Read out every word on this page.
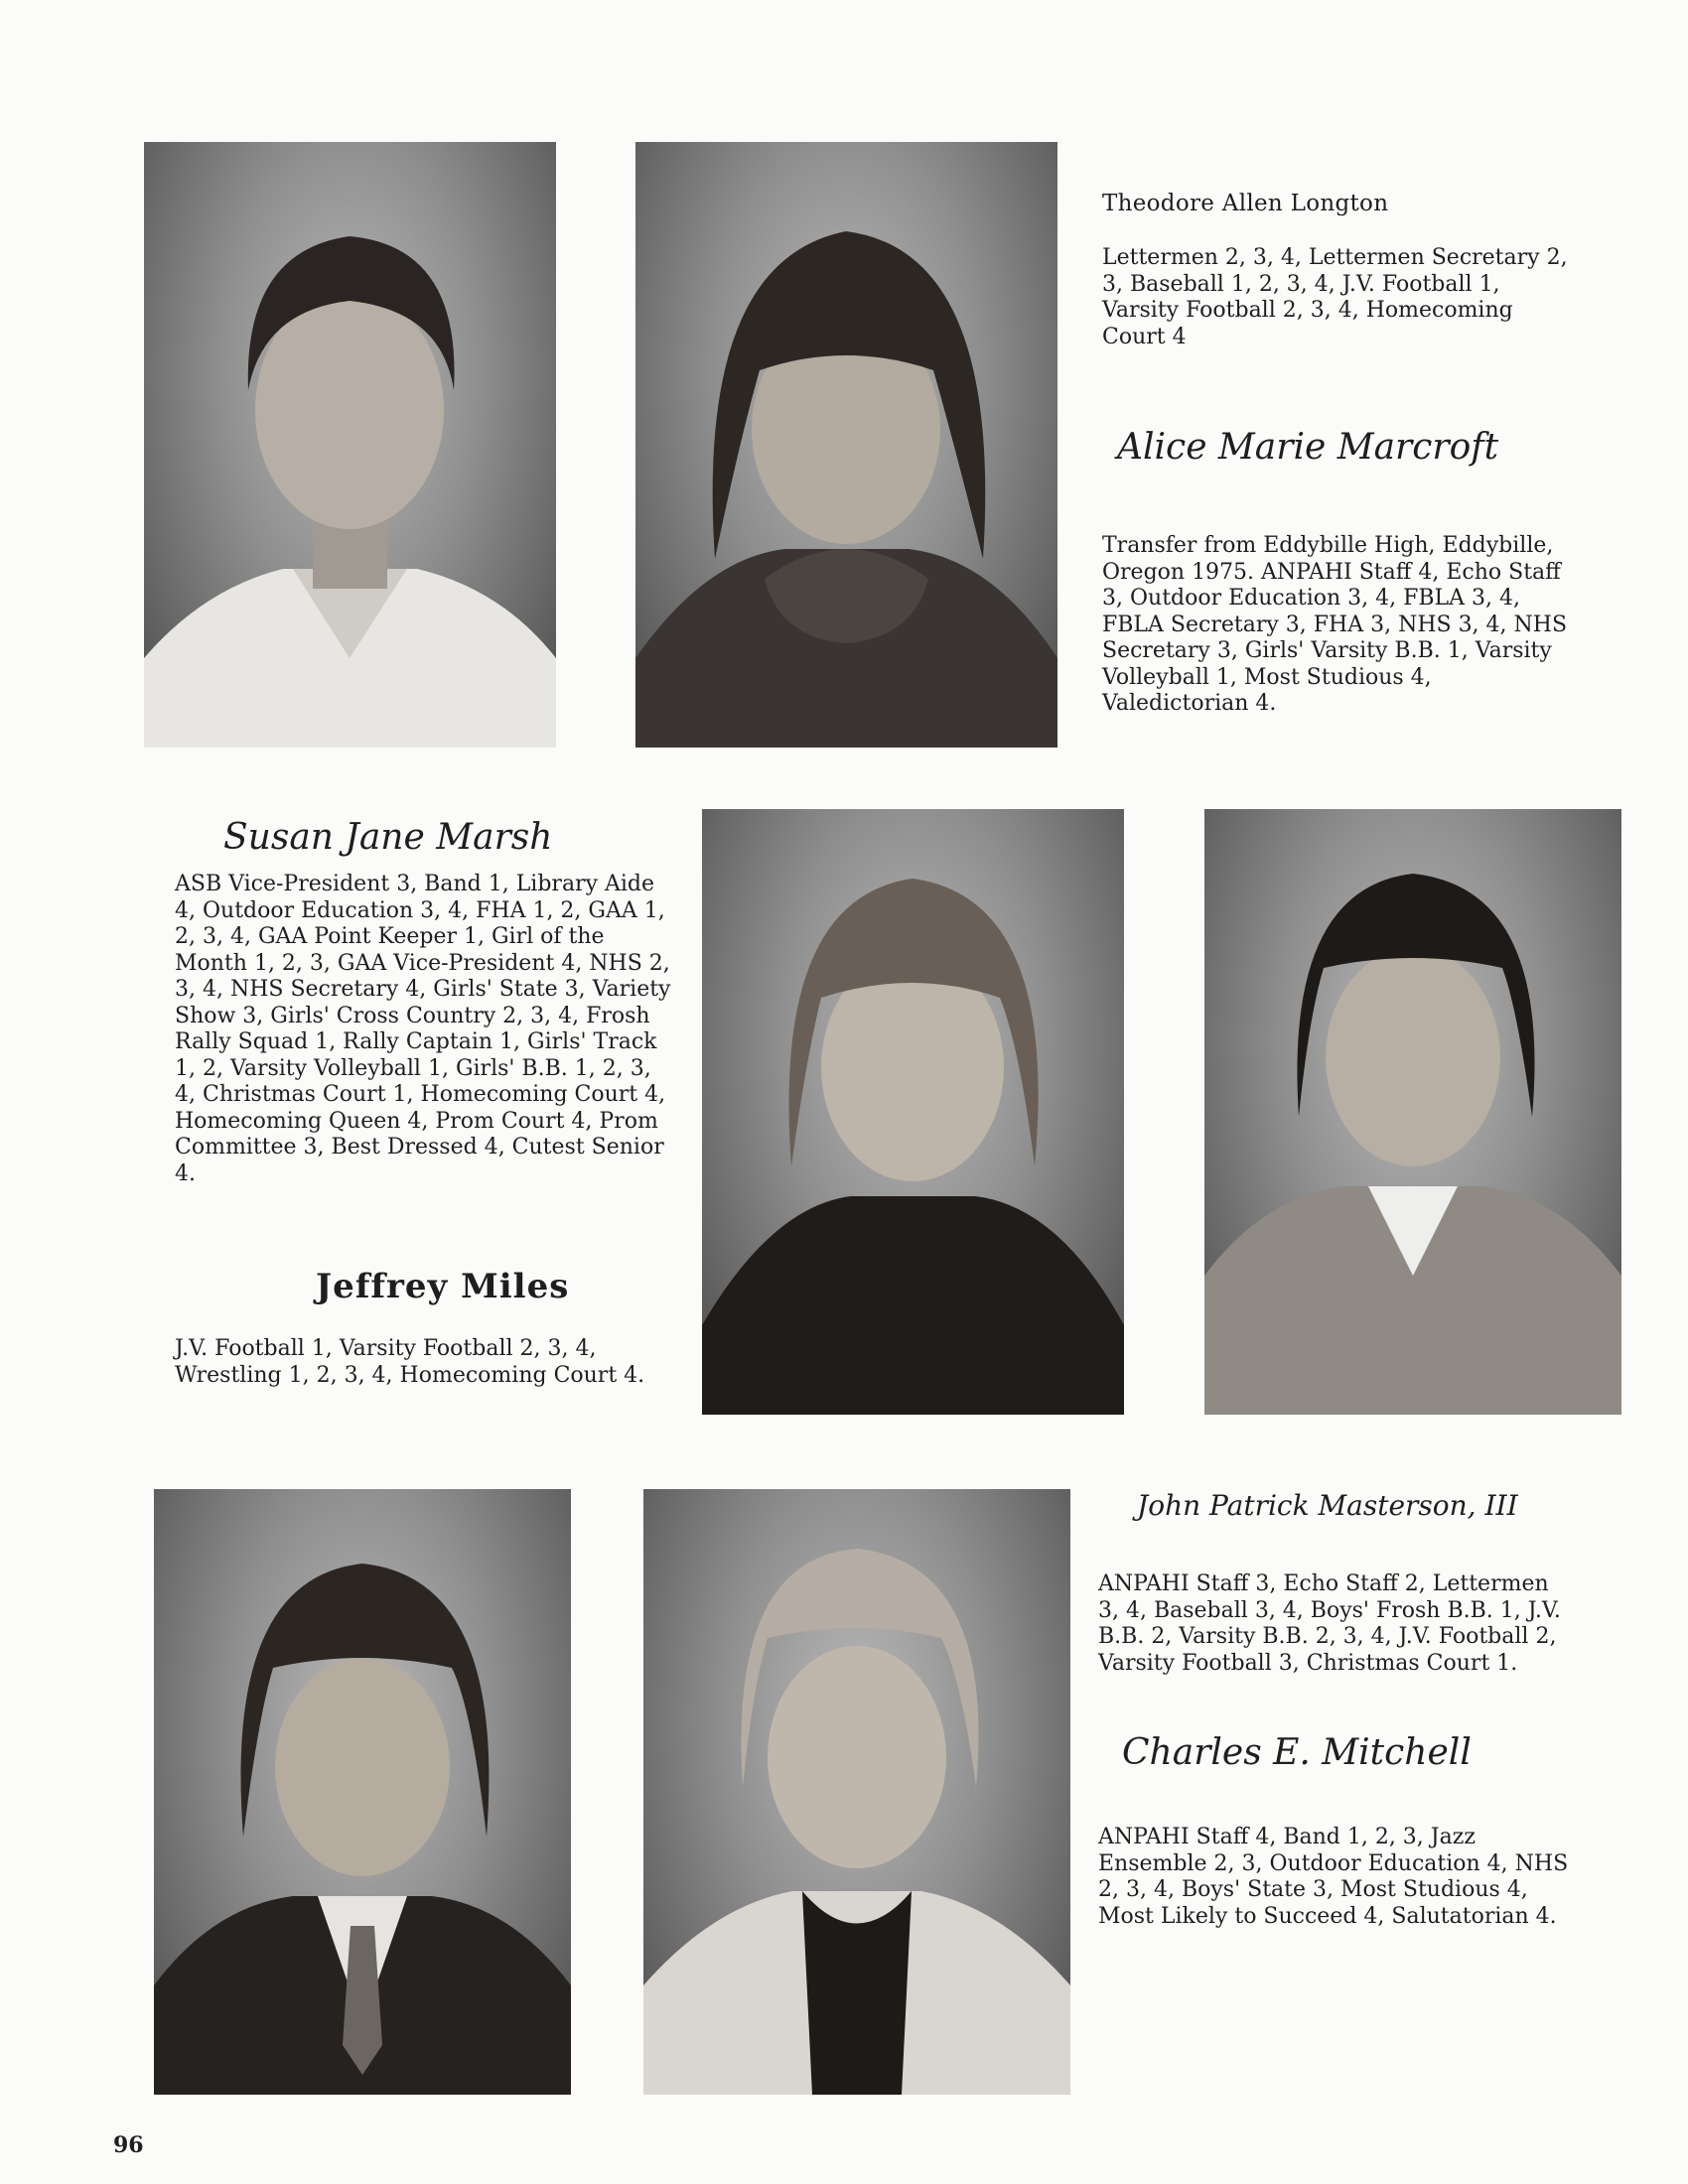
Theodore Allen Longton

Lettermen 2, 3, 4, Lettermen Secretary 2, 3, Baseball 1, 2, 3, 4, J.V. Football 1, Varsity Football 2, 3, 4, Homecoming Court 4

Alice Marie Marcroft

Transfer from Eddybille High, Eddybille, Oregon 1975. ANPAHI Staff 4, Echo Staff 3, Outdoor Education 3, 4, FBLA 3, 4, FBLA Secretary 3, FHA 3, NHS 3, 4, NHS Secretary 3, Girls' Varsity B.B. 1, Varsity Volleyball 1, Most Studious 4, Valedictorian 4.

Susan Jane Marsh

ASB Vice-President 3, Band 1, Library Aide 4, Outdoor Education 3, 4, FHA 1, 2, GAA 1, 2, 3, 4, GAA Point Keeper 1, Girl of the Month 1, 2, 3, GAA Vice-President 4, NHS 2, 3, 4, NHS Secretary 4, Girls' State 3, Variety Show 3, Girls' Cross Country 2, 3, 4, Frosh Rally Squad 1, Rally Captain 1, Girls' Track 1, 2, Varsity Volleyball 1, Girls' B.B. 1, 2, 3, 4, Christmas Court 1, Homecoming Court 4, Homecoming Queen 4, Prom Court 4, Prom Committee 3, Best Dressed 4, Cutest Senior 4.

Jeffrey Miles

J.V. Football 1, Varsity Football 2, 3, 4, Wrestling 1, 2, 3, 4, Homecoming Court 4.

John Patrick Masterson, III

ANPAHI Staff 3, Echo Staff 2, Lettermen 3, 4, Baseball 3, 4, Boys' Frosh B.B. 1, J.V. B.B. 2, Varsity B.B. 2, 3, 4, J.V. Football 2, Varsity Football 3, Christmas Court 1.

Charles E. Mitchell

ANPAHI Staff 4, Band 1, 2, 3, Jazz Ensemble 2, 3, Outdoor Education 4, NHS 2, 3, 4, Boys' State 3, Most Studious 4, Most Likely to Succeed 4, Salutatorian 4.

96
